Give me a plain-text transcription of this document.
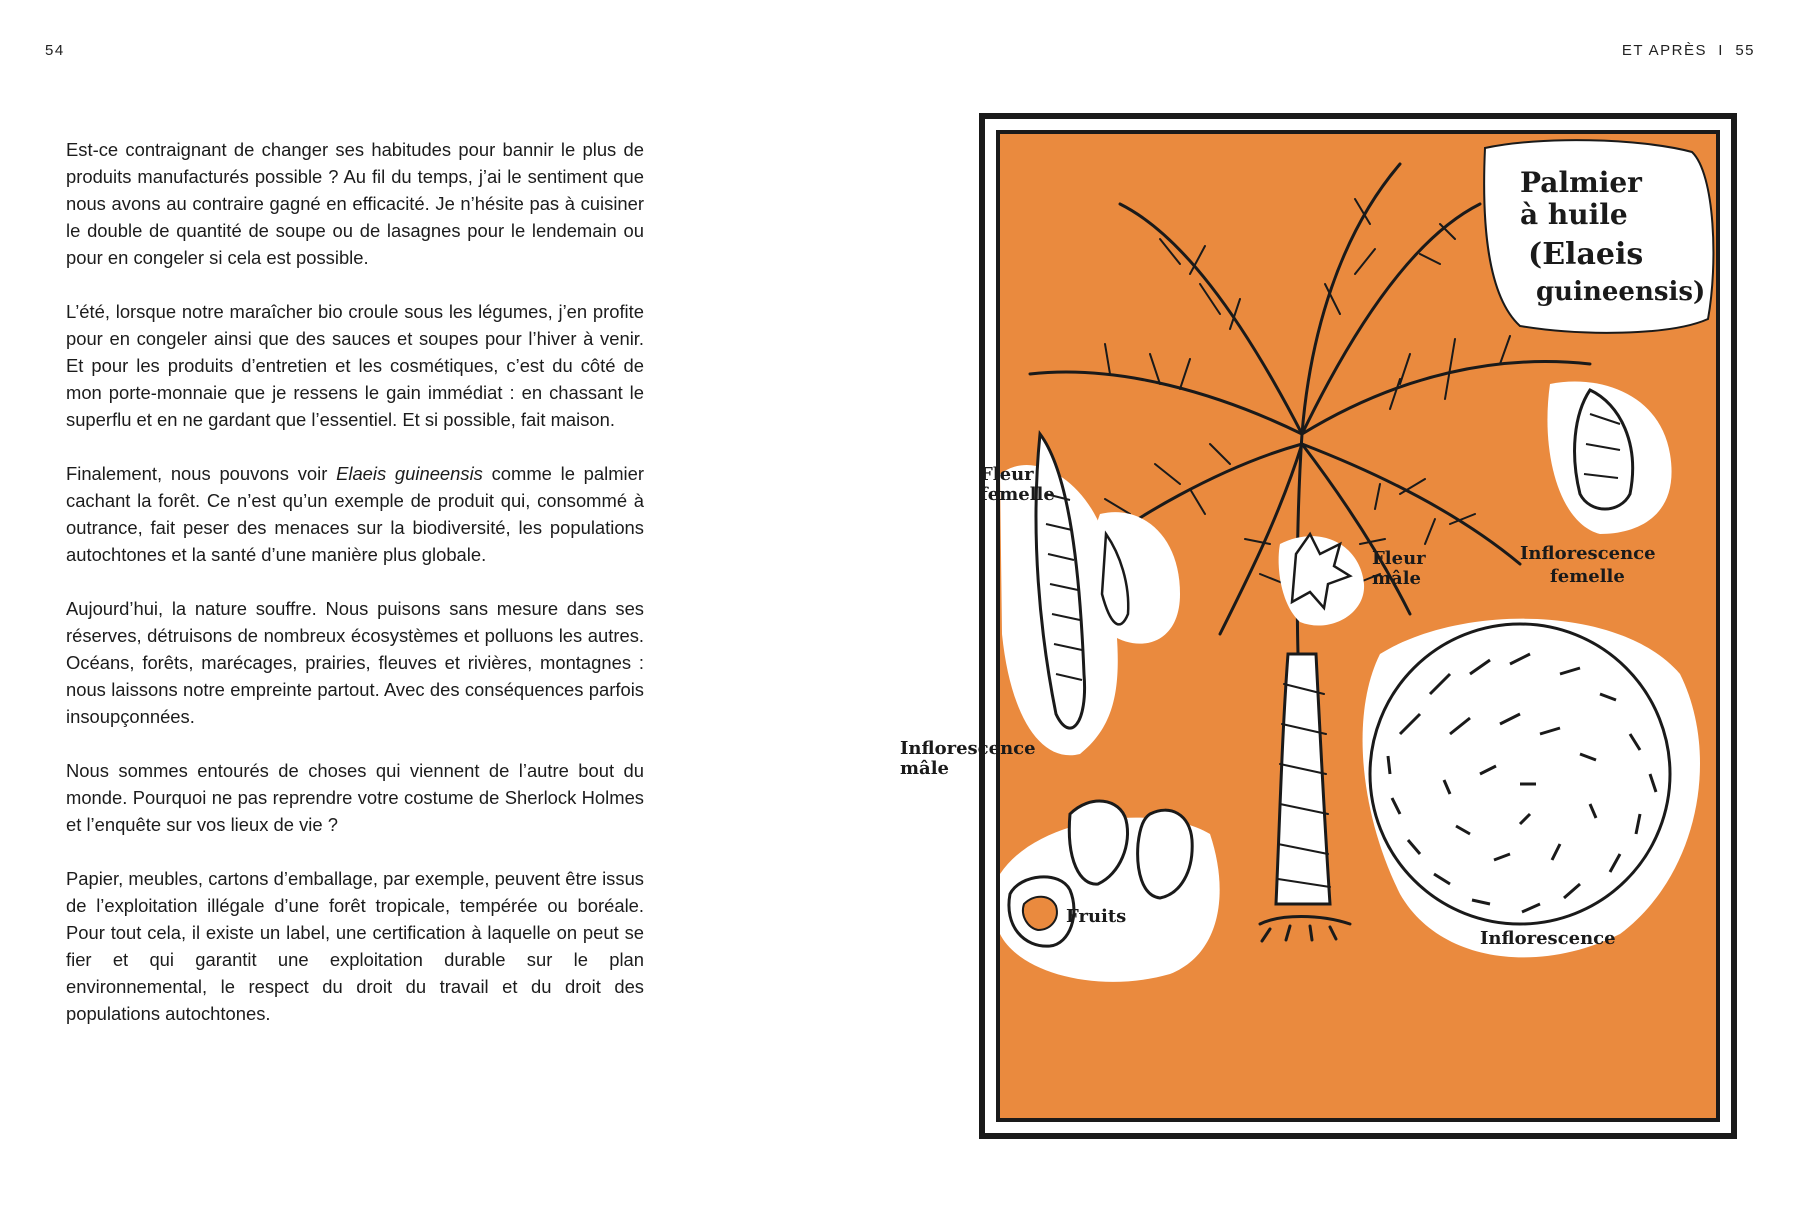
54	ET APRÈS I 55

Est-ce contraignant de changer ses habitudes pour bannir le plus de produits manufacturés possible ? Au fil du temps, j’ai le sentiment que nous avons au contraire gagné en efficacité. Je n’hésite pas à cuisiner le double de quantité de soupe ou de lasagnes pour le lendemain ou pour en congeler si cela est possible.

L’été, lorsque notre maraîcher bio croule sous les légumes, j’en profite pour en congeler ainsi que des sauces et soupes pour l’hiver à venir. Et pour les produits d’entretien et les cosmétiques, c’est du côté de mon porte-monnaie que je ressens le gain immédiat : en chassant le superflu et en ne gardant que l’essentiel. Et si possible, fait maison.

Finalement, nous pouvons voir Elaeis guineensis comme le palmier cachant la forêt. Ce n’est qu’un exemple de produit qui, consommé à outrance, fait peser des menaces sur la biodiversité, les populations autochtones et la santé d’une manière plus globale.

Aujourd’hui, la nature souffre. Nous puisons sans mesure dans ses réserves, détruisons de nombreux écosystèmes et polluons les autres. Océans, forêts, marécages, prairies, fleuves et rivières, montagnes : nous laissons notre empreinte partout. Avec des conséquences parfois insoupçonnées.

Nous sommes entourés de choses qui viennent de l’autre bout du monde. Pourquoi ne pas reprendre votre costume de Sherlock Holmes et l’enquête sur vos lieux de vie ?

Papier, meubles, cartons d’emballage, par exemple, peuvent être issus de l’exploitation illégale d’une forêt tropicale, tempérée ou boréale. Pour tout cela, il existe un label, une certification à laquelle on peut se fier et qui garantit une exploitation durable sur le plan environnemental, le respect du droit du travail et du droit des populations autochtones.

Palmier
à huile
(Elaeis
guineensis)
Inflorescence
mâle
Fleur
femelle
Fleur
mâle
Inflorescence
femelle
Inflorescence
Fruits
